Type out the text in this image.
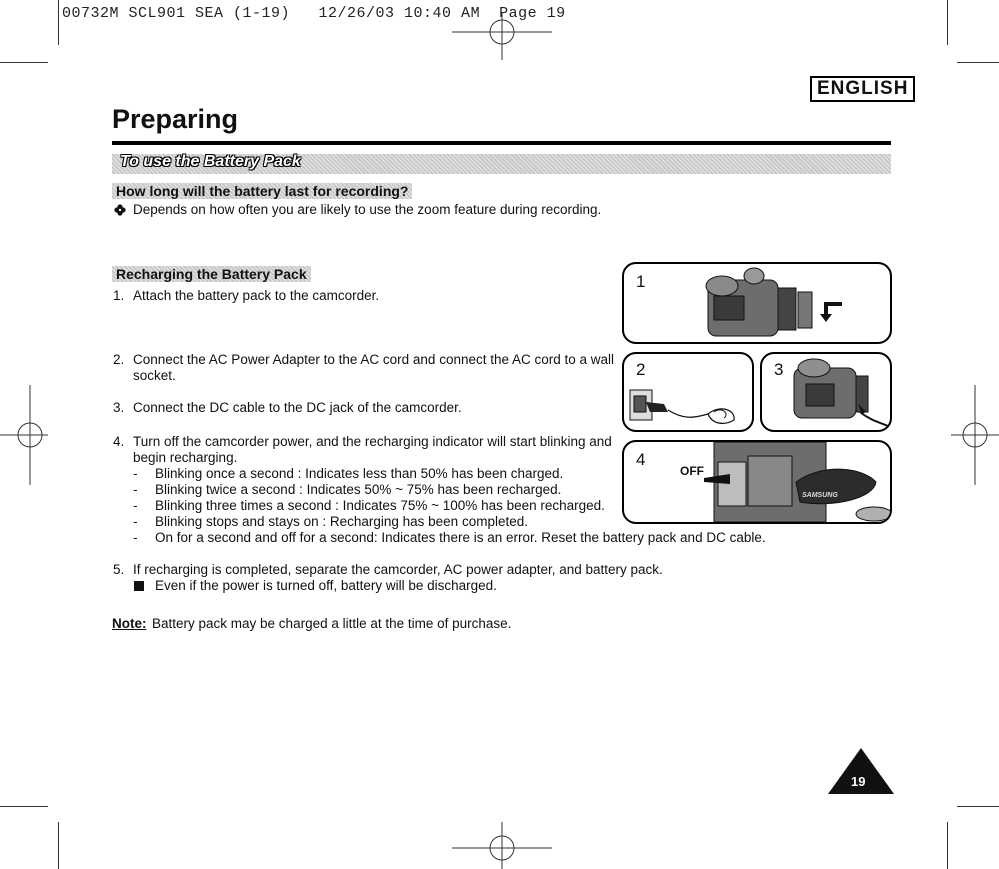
00732M SCL901 SEA (1-19)   12/26/03 10:40 AM  Page 19
ENGLISH
Preparing
To use the Battery Pack
How long will the battery last for recording?
Depends on how often you are likely to use the zoom feature during recording.
Recharging the Battery Pack
1. Attach the battery pack to the camcorder.
2. Connect the AC Power Adapter to the AC cord and connect the AC cord to a wall
socket.
3. Connect the DC cable to the DC jack of the camcorder.
4. Turn off the camcorder power, and the recharging indicator will start blinking and
begin recharging.
- Blinking once a second : Indicates less than 50% has been charged.
- Blinking twice a second : Indicates 50% ~ 75% has been recharged.
- Blinking three times a second : Indicates 75% ~ 100% has been recharged.
- Blinking stops and stays on : Recharging has been completed.
- On for a second and off for a second: Indicates there is an error. Reset the battery pack and DC cable.
5. If recharging is completed, separate the camcorder, AC power adapter, and battery pack.
Even if the power is turned off, battery will be discharged.
Note: Battery pack may be charged a little at the time of purchase.
1
2	3
4
OFF
SAMSUNG
19
